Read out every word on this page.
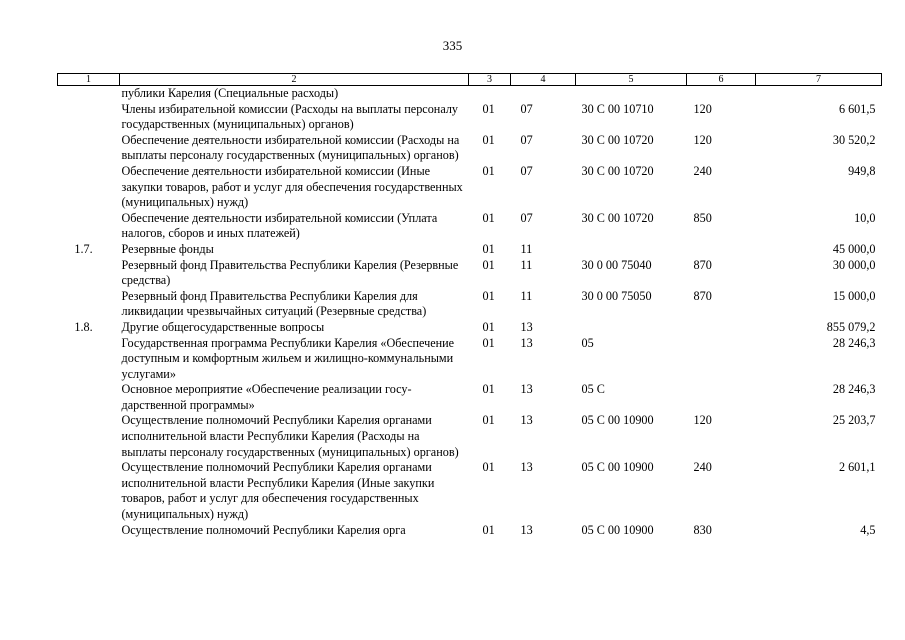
335
1	2	3	4	5	6	7
	публики Карелия (Специальные расходы)					
	Члены избирательной комиссии (Расходы на выплаты персоналу государственных (муниципальных) органов)	01	07	30 С 00 10710	120	6 601,5
	Обеспечение деятельности избирательной комиссии (Расходы на выплаты персоналу государственных (муниципальных) органов)	01	07	30 С 00 10720	120	30 520,2
	Обеспечение деятельности избирательной комиссии (Иные закупки товаров, работ и услуг для обеспечения государственных (муниципальных) нужд)	01	07	30 С 00 10720	240	949,8
	Обеспечение деятельности избирательной комиссии (Уплата налогов, сборов и иных платежей)	01	07	30 С 00 10720	850	10,0
1.7.	Резервные фонды	01	11			45 000,0
	Резервный фонд Правительства Республики Карелия (Резервные средства)	01	11	30 0 00 75040	870	30 000,0
	Резервный фонд Правительства Республики Карелия для ликвидации чрезвычайных ситуаций (Резервные средства)	01	11	30 0 00 75050	870	15 000,0
1.8.	Другие общегосударственные вопросы	01	13			855 079,2
	Государственная программа Республики Карелия «Обеспечение доступным и комфортным жильем и жилищно-коммунальными услугами»	01	13	05		28 246,3
	Основное мероприятие «Обеспечение реализации государственной программы»	01	13	05 С		28 246,3
	Осуществление полномочий Республики Карелия органами исполнительной власти Республики Карелия (Расходы на выплаты персоналу государственных (муниципальных) органов)	01	13	05 С 00 10900	120	25 203,7
	Осуществление полномочий Республики Карелия органами исполнительной власти Республики Карелия (Иные закупки товаров, работ и услуг для обеспечения государственных (муниципальных) нужд)	01	13	05 С 00 10900	240	2 601,1
	Осуществление полномочий Республики Карелия орга	01	13	05 С 00 10900	830	4,5
